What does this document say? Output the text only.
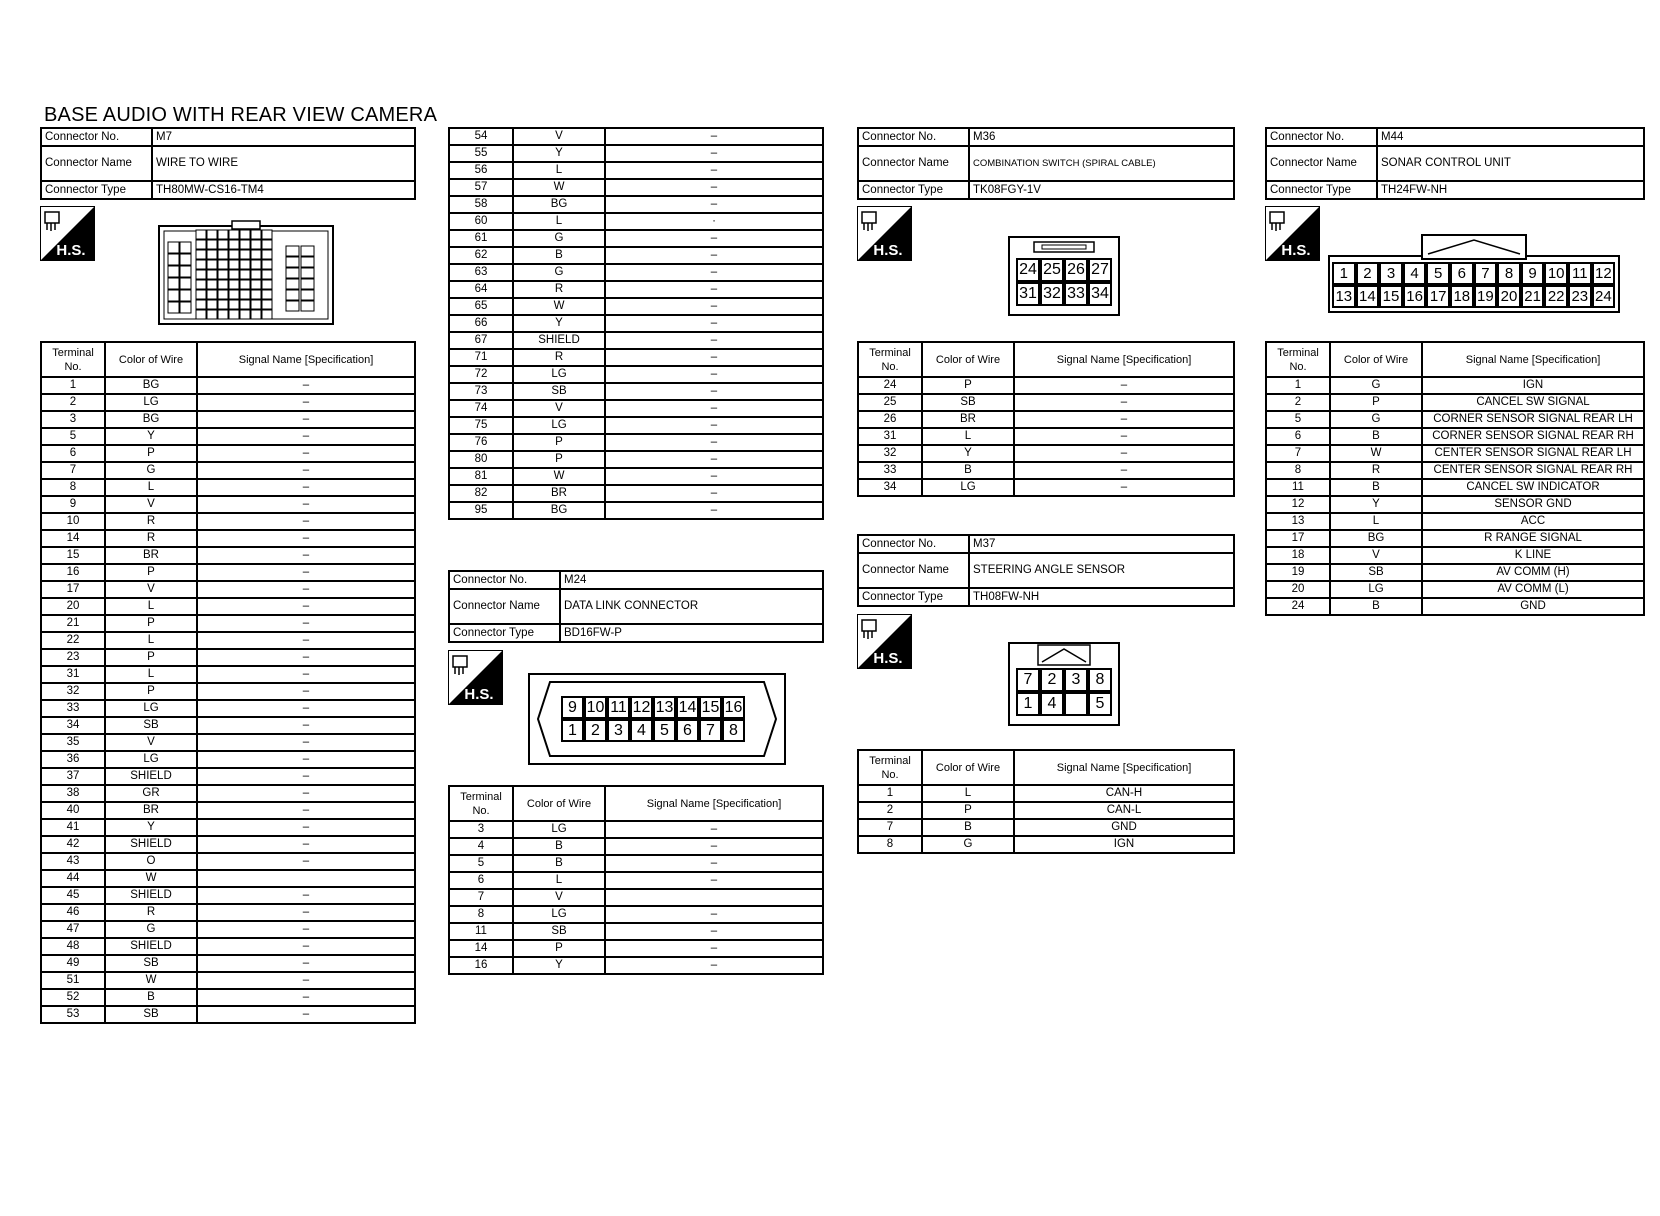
BASE AUDIO WITH REAR VIEW CAMERA
Connector No.	M7
Connector Name	WIRE TO WIRE
Connector Type	TH80MW-CS16-TM4
H.S.
Terminal No.	Color of Wire	Signal Name [Specification]
1	BG	–
2	LG	–
3	BG	–
5	Y	–
6	P	–
7	G	–
8	L	–
9	V	–
10	R	–
14	R	–
15	BR	–
16	P	–
17	V	–
20	L	–
21	P	–
22	L	–
23	P	–
31	L	–
32	P	–
33	LG	–
34	SB	–
35	V	–
36	LG	–
37	SHIELD	–
38	GR	–
40	BR	–
41	Y	–
42	SHIELD	–
43	O	–
44	W	
45	SHIELD	–
46	R	–
47	G	–
48	SHIELD	–
49	SB	–
51	W	–
52	B	–
53	SB	–
54	V	–
55	Y	–
56	L	–
57	W	–
58	BG	–
60	L	·
61	G	–
62	B	–
63	G	–
64	R	–
65	W	–
66	Y	–
67	SHIELD	–
71	R	–
72	LG	–
73	SB	–
74	V	–
75	LG	–
76	P	–
80	P	–
81	W	–
82	BR	–
95	BG	–
Connector No.	M24
Connector Name	DATA LINK CONNECTOR
Connector Type	BD16FW-P
H.S.
9 10 11 12 13 14 15 16
1 2 3 4 5 6 7 8
Terminal No.	Color of Wire	Signal Name [Specification]
3	LG	–
4	B	–
5	B	–
6	L	–
7	V	
8	LG	–
11	SB	–
14	P	–
16	Y	–
Connector No.	M36
Connector Name	COMBINATION SWITCH (SPIRAL CABLE)
Connector Type	TK08FGY-1V
H.S.
24 25 26 27
31 32 33 34
Terminal No.	Color of Wire	Signal Name [Specification]
24	P	–
25	SB	–
26	BR	–
31	L	–
32	Y	–
33	B	–
34	LG	–
Connector No.	M37
Connector Name	STEERING ANGLE SENSOR
Connector Type	TH08FW-NH
H.S.
7 2 3 8
1 4	5
Terminal No.	Color of Wire	Signal Name [Specification]
1	L	CAN-H
2	P	CAN-L
7	B	GND
8	G	IGN
Connector No.	M44
Connector Name	SONAR CONTROL UNIT
Connector Type	TH24FW-NH
H.S.
1	2	3	4	5	6	7	8	9 10 11 12
13 14 15 16 17 18 19 20 21 22 23 24
Terminal No.	Color of Wire	Signal Name [Specification]
1	G	IGN
2	P	CANCEL SW SIGNAL
5	G	CORNER SENSOR SIGNAL REAR LH
6	B	CORNER SENSOR SIGNAL REAR RH
7	W	CENTER SENSOR SIGNAL REAR LH
8	R	CENTER SENSOR SIGNAL REAR RH
11	B	CANCEL SW INDICATOR
12	Y	SENSOR GND
13	L	ACC
17	BG	R RANGE SIGNAL
18	V	K LINE
19	SB	AV COMM (H)
20	LG	AV COMM (L)
24	B	GND
